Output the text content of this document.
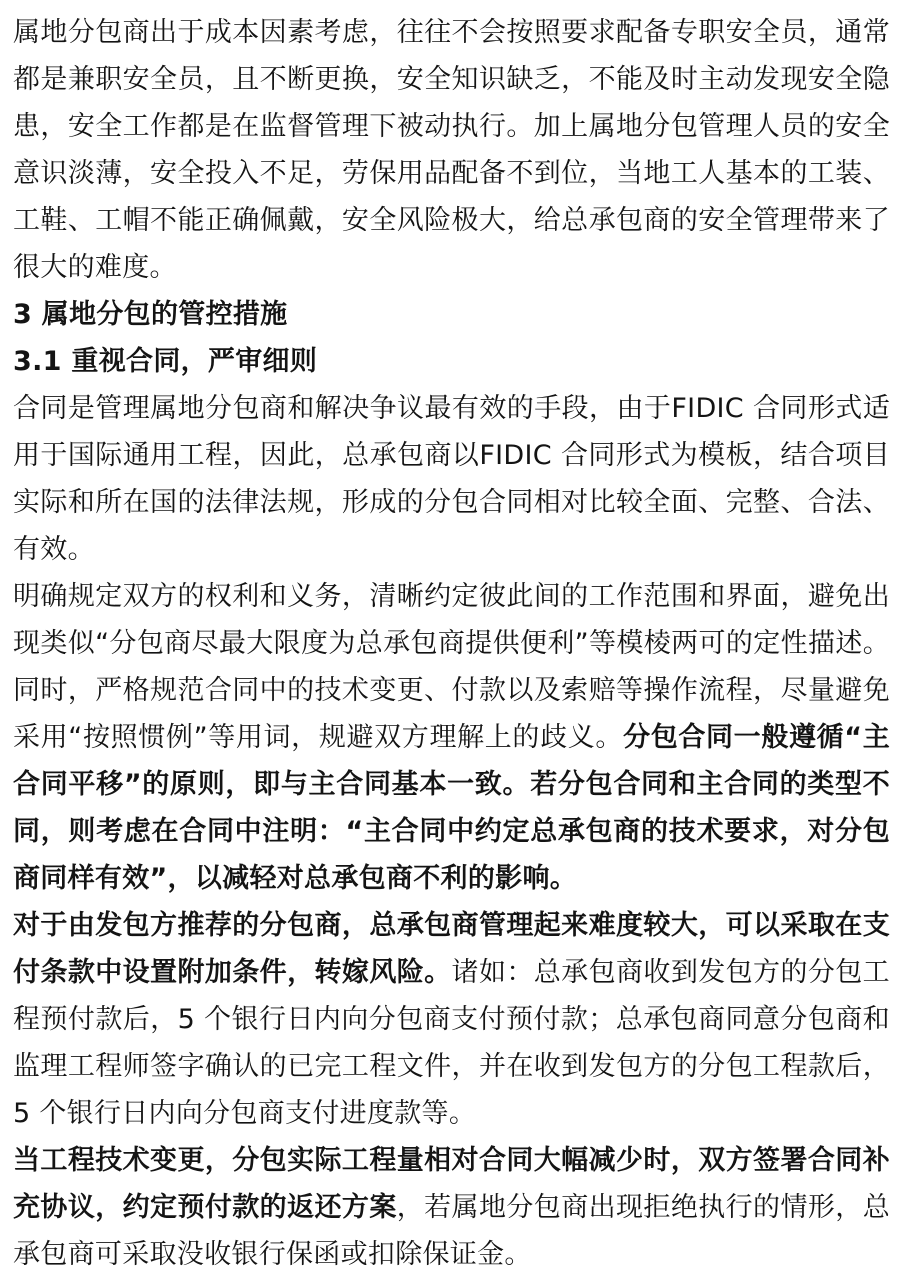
属地分包商出于成本因素考虑，往往不会按照要求配备专职安全员，通常都是兼职安全员，且不断更换，安全知识缺乏，不能及时主动发现安全隐患，安全工作都是在监督管理下被动执行。加上属地分包管理人员的安全意识淡薄，安全投入不足，劳保用品配备不到位，当地工人基本的工装、工鞋、工帽不能正确佩戴，安全风险极大，给总承包商的安全管理带来了很大的难度。

3 属地分包的管控措施
3.1 重视合同，严审细则

合同是管理属地分包商和解决争议最有效的手段，由于FIDIC 合同形式适用于国际通用工程，因此，总承包商以FIDIC 合同形式为模板，结合项目实际和所在国的法律法规，形成的分包合同相对比较全面、完整、合法、有效。

明确规定双方的权利和义务，清晰约定彼此间的工作范围和界面，避免出现类似“分包商尽最大限度为总承包商提供便利”等模棱两可的定性描述。同时，严格规范合同中的技术变更、付款以及索赔等操作流程，尽量避免采用“按照惯例”等用词，规避双方理解上的歧义。分包合同一般遵循“主合同平移”的原则，即与主合同基本一致。若分包合同和主合同的类型不同，则考虑在合同中注明：“主合同中约定总承包商的技术要求，对分包商同样有效”，以减轻对总承包商不利的影响。

对于由发包方推荐的分包商，总承包商管理起来难度较大，可以采取在支付条款中设置附加条件，转嫁风险。诸如：总承包商收到发包方的分包工程预付款后，5 个银行日内向分包商支付预付款；总承包商同意分包商和监理工程师签字确认的已完工程文件，并在收到发包方的分包工程款后，5 个银行日内向分包商支付进度款等。

当工程技术变更，分包实际工程量相对合同大幅减少时，双方签署合同补充协议，约定预付款的返还方案，若属地分包商出现拒绝执行的情形，总承包商可采取没收银行保函或扣除保证金。
